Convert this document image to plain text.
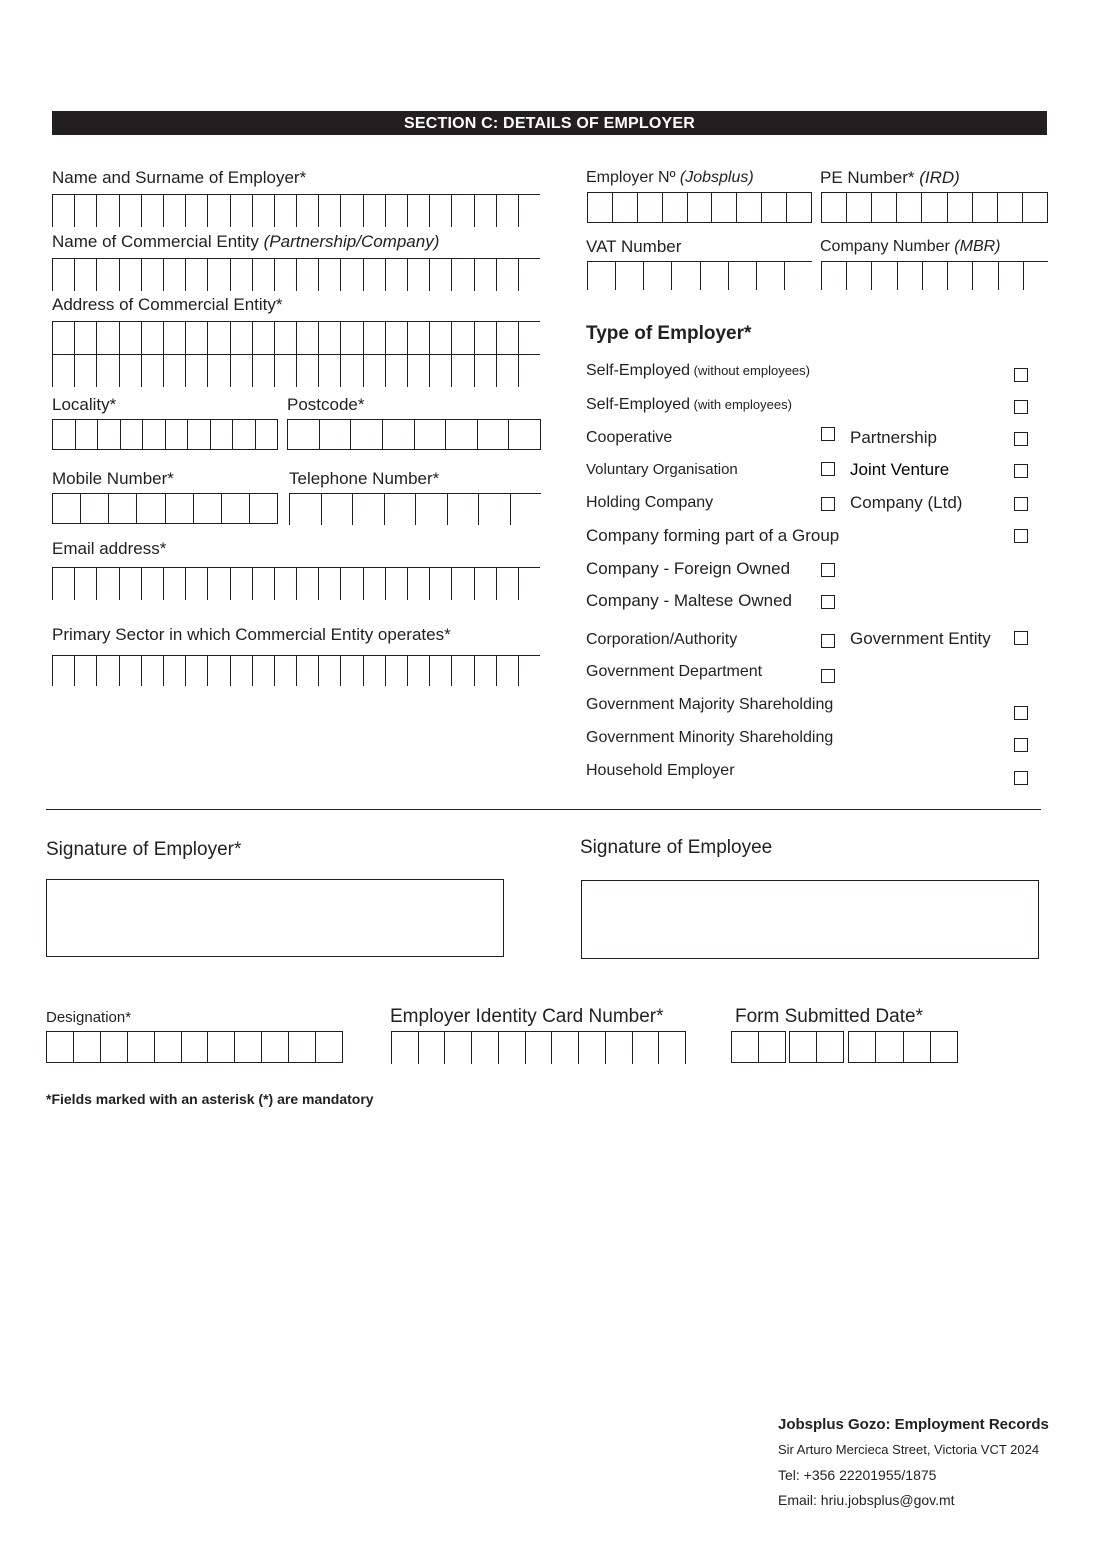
SECTION C: DETAILS OF EMPLOYER
Name and Surname of Employer*
Name of Commercial Entity (Partnership/Company)
Address of Commercial Entity*
Locality*	Postcode*
Mobile Number*	Telephone Number*
Email address*
Primary Sector in which Commercial Entity operates*
Employer Nº (Jobsplus)	PE Number* (IRD)
VAT Number	Company Number (MBR)
Type of Employer*
Self-Employed (without employees)
Self-Employed (with employees)
Cooperative	Partnership
Voluntary Organisation	Joint Venture
Holding Company	Company (Ltd)
Company forming part of a Group
Company - Foreign Owned
Company - Maltese Owned
Corporation/Authority	Government Entity
Government Department
Government Majority Shareholding
Government Minority Shareholding
Household Employer
Signature of Employer*	Signature of Employee
Designation*	Employer Identity Card Number*	Form Submitted Date*
*Fields marked with an asterisk (*) are mandatory
Jobsplus Gozo: Employment Records
Sir Arturo Mercieca Street, Victoria VCT 2024
Tel: +356 22201955/1875
Email: hriu.jobsplus@gov.mt
